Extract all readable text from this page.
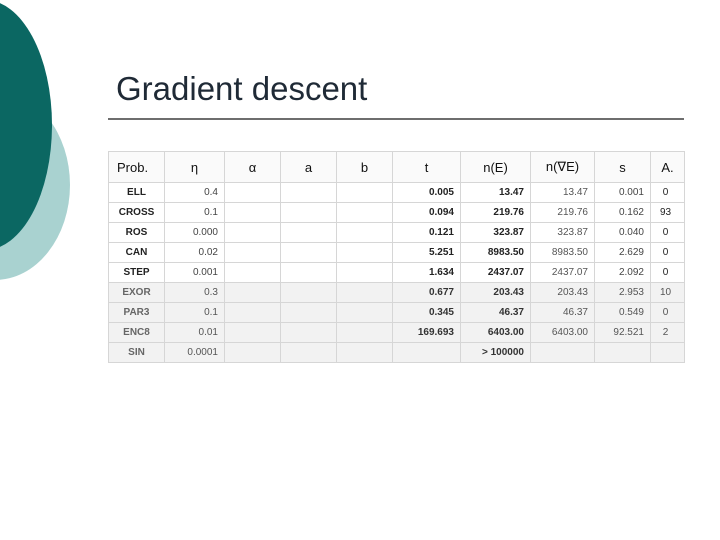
Gradient descent
Prob.	η	α	a	b	t	n(E)	n(∇E)	s	A.
ELL	0.4				0.005	13.47	13.47	0.001	0
CROSS	0.1				0.094	219.76	219.76	0.162	93
ROS	0.000				0.121	323.87	323.87	0.040	0
CAN	0.02				5.251	8983.50	8983.50	2.629	0
STEP	0.001				1.634	2437.07	2437.07	2.092	0
EXOR	0.3				0.677	203.43	203.43	2.953	10
PAR3	0.1				0.345	46.37	46.37	0.549	0
ENC8	0.01				169.693	6403.00	6403.00	92.521	2
SIN	0.0001					> 100000			
